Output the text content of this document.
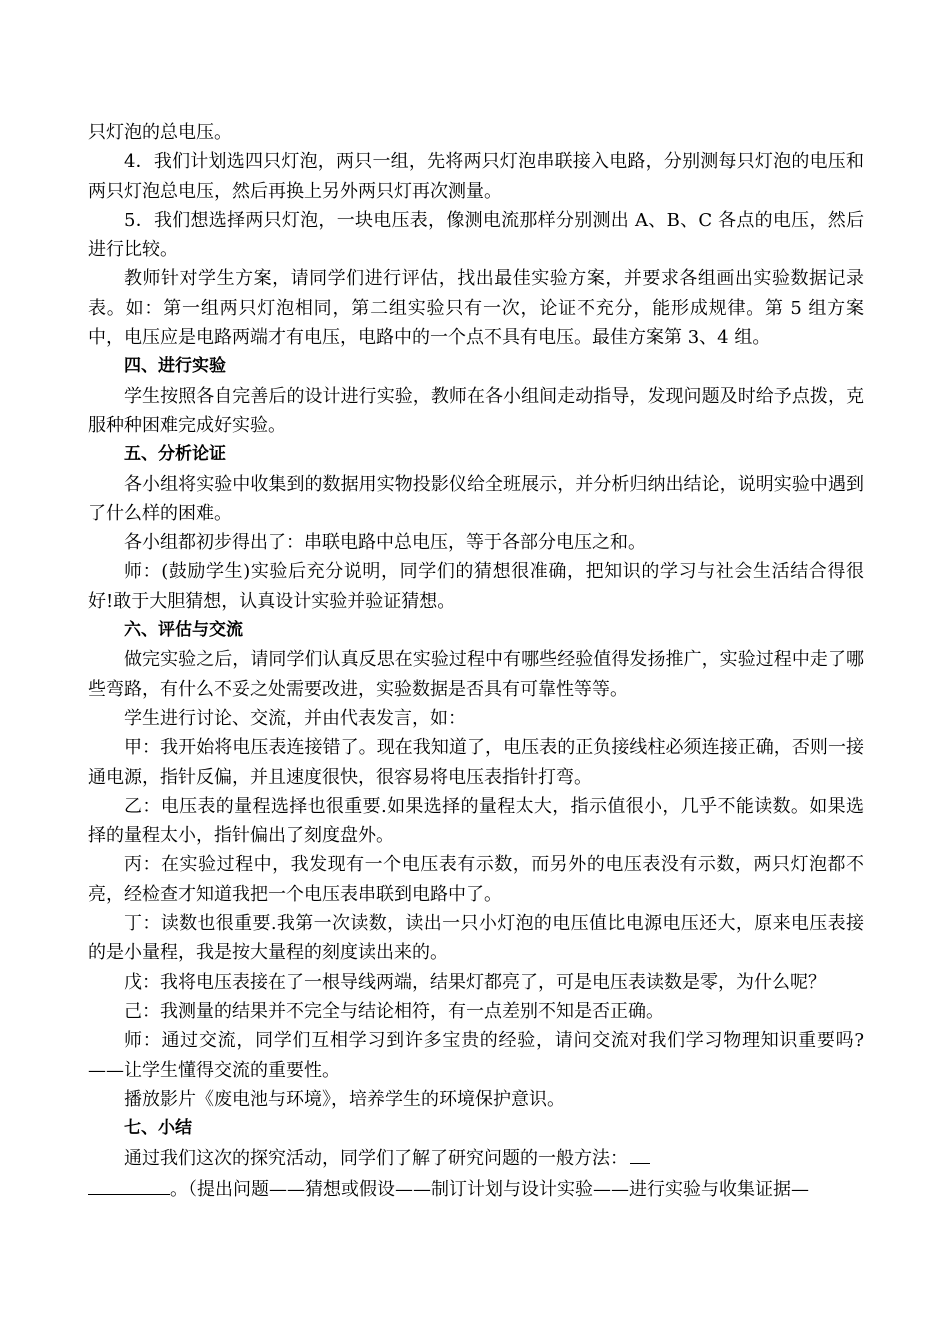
只灯泡的总电压。

4．我们计划选四只灯泡，两只一组，先将两只灯泡串联接入电路，分别测每只灯泡的电压和两只灯泡总电压，然后再换上另外两只灯再次测量。

5．我们想选择两只灯泡，一块电压表，像测电流那样分别测出 A、B、C 各点的电压，然后进行比较。

教师针对学生方案，请同学们进行评估，找出最佳实验方案，并要求各组画出实验数据记录表。如：第一组两只灯泡相同，第二组实验只有一次，论证不充分，能形成规律。第 5 组方案中，电压应是电路两端才有电压，电路中的一个点不具有电压。最佳方案第 3、4 组。

四、进行实验

学生按照各自完善后的设计进行实验，教师在各小组间走动指导，发现问题及时给予点拨，克服种种困难完成好实验。

五、分析论证

各小组将实验中收集到的数据用实物投影仪给全班展示，并分析归纳出结论，说明实验中遇到了什么样的困难。

各小组都初步得出了：串联电路中总电压，等于各部分电压之和。

师：(鼓励学生)实验后充分说明，同学们的猜想很准确，把知识的学习与社会生活结合得很好!敢于大胆猜想，认真设计实验并验证猜想。

六、评估与交流

做完实验之后，请同学们认真反思在实验过程中有哪些经验值得发扬推广，实验过程中走了哪些弯路，有什么不妥之处需要改进，实验数据是否具有可靠性等等。

学生进行讨论、交流，并由代表发言，如：

甲：我开始将电压表连接错了。现在我知道了，电压表的正负接线柱必须连接正确，否则一接通电源，指针反偏，并且速度很快，很容易将电压表指针打弯。

乙：电压表的量程选择也很重要.如果选择的量程太大，指示值很小，几乎不能读数。如果选择的量程太小，指针偏出了刻度盘外。

丙：在实验过程中，我发现有一个电压表有示数，而另外的电压表没有示数，两只灯泡都不亮，经检查才知道我把一个电压表串联到电路中了。

丁：读数也很重要.我第一次读数，读出一只小灯泡的电压值比电源电压还大，原来电压表接的是小量程，我是按大量程的刻度读出来的。

戊：我将电压表接在了一根导线两端，结果灯都亮了，可是电压表读数是零，为什么呢？

己：我测量的结果并不完全与结论相符，有一点差别不知是否正确。

师：通过交流，同学们互相学习到许多宝贵的经验，请问交流对我们学习物理知识重要吗?——让学生懂得交流的重要性。

播放影片《废电池与环境》，培养学生的环境保护意识。

七、小结

通过我们这次的探究活动，同学们了解了研究问题的一般方法：

。（提出问题——猜想或假设——制订计划与设计实验——进行实验与收集证据—
